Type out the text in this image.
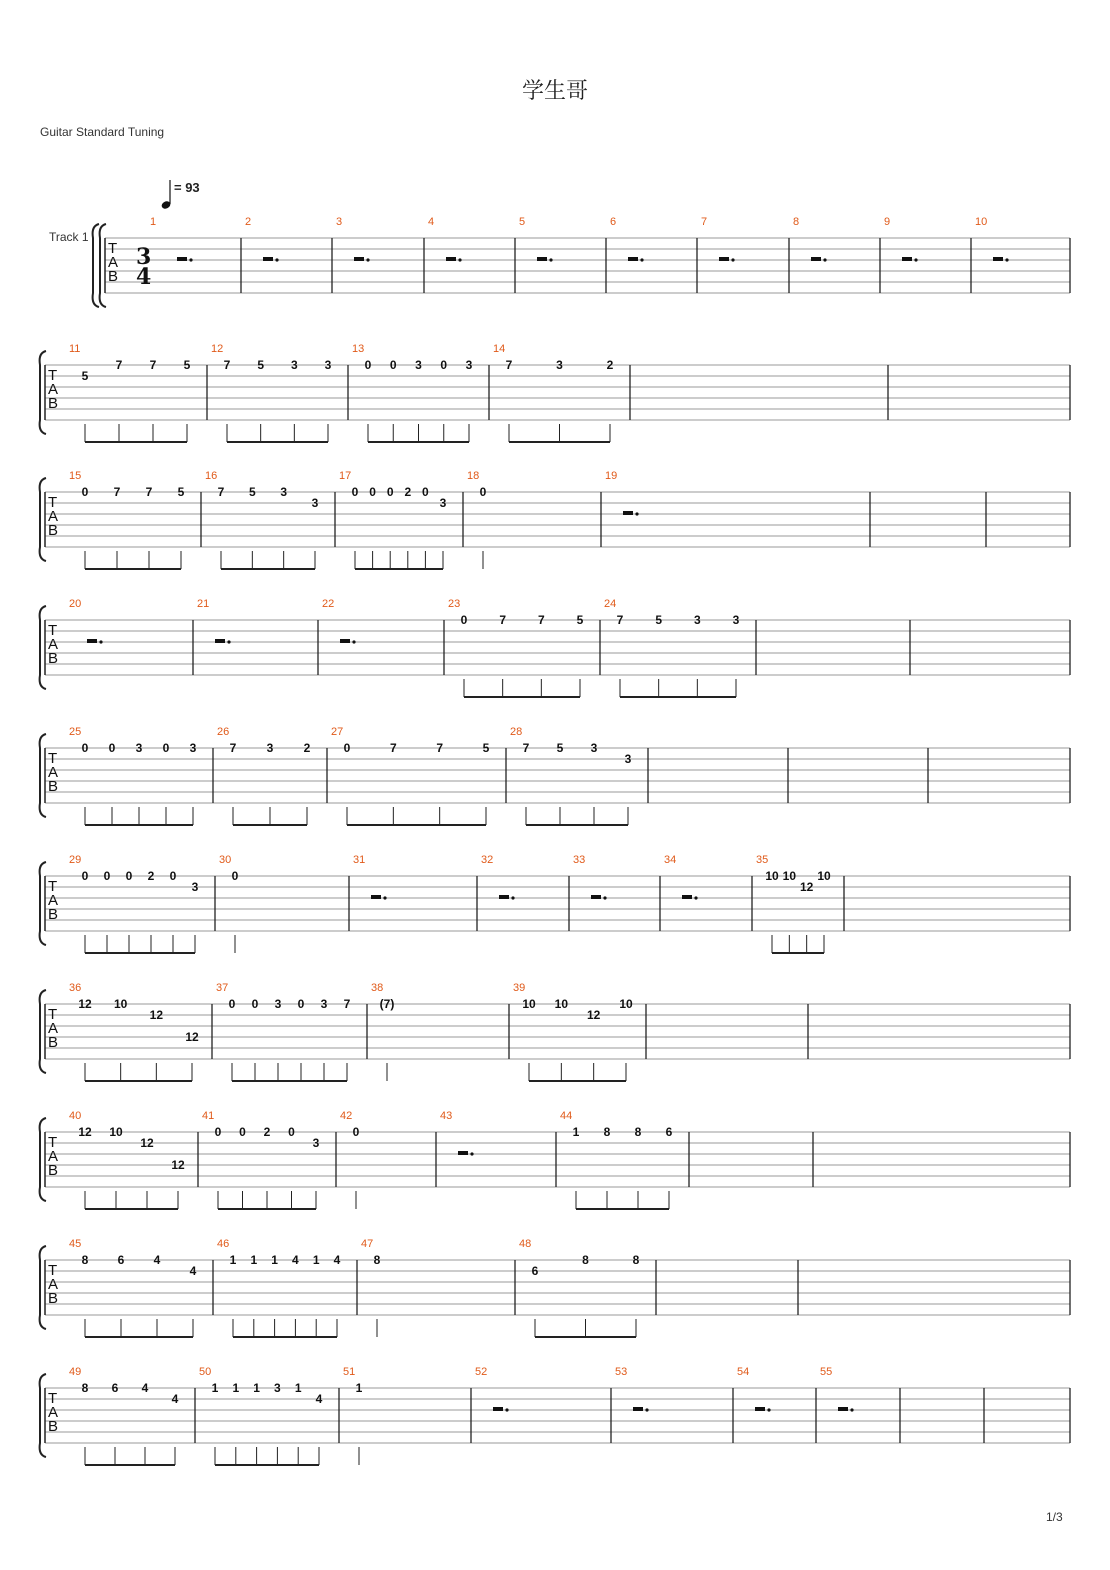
学生哥
Guitar Standard Tuning
1/3
= 93
Track 1
T
A
B
3
4
1	2	3	4	5	6	7	8	9	10
T
A
B
11
5
7 7 5
12
7 5 3 3
13
0 0 3 0 3
14
7	3	2
T
A
B
15
0 7 7 5
16
7 5 3
3
17
0 0 0 2 0
3
18
0
19
T
A
B
20	21	22	23
0	7	7	5
24
7	5	3	3
T
A
B
25
0 0 3 0 3
26
7	3	2
27
0	7	7	5
28
7 5 3
3
T
A
B
29
0 0 0 2 0
3
30
0
31	32	33	34	35
10 10
12
10
T
A
B
36
12 10
12
12
37
0 0 3 0 3 7
38
(7)
39
10 10
12
10
T
A
B
40
12 10
12
12
41
0 0 2 0
3
42
0
43	44
1 8 8 6
T
A
B
45
8 6 4
4
46
1 1 1 4 1 4
47
8
48
6
8	8
T
A
B
49
8 6 4
4
50
1 1 1 3 1
4
51
1
52	53	54	55
